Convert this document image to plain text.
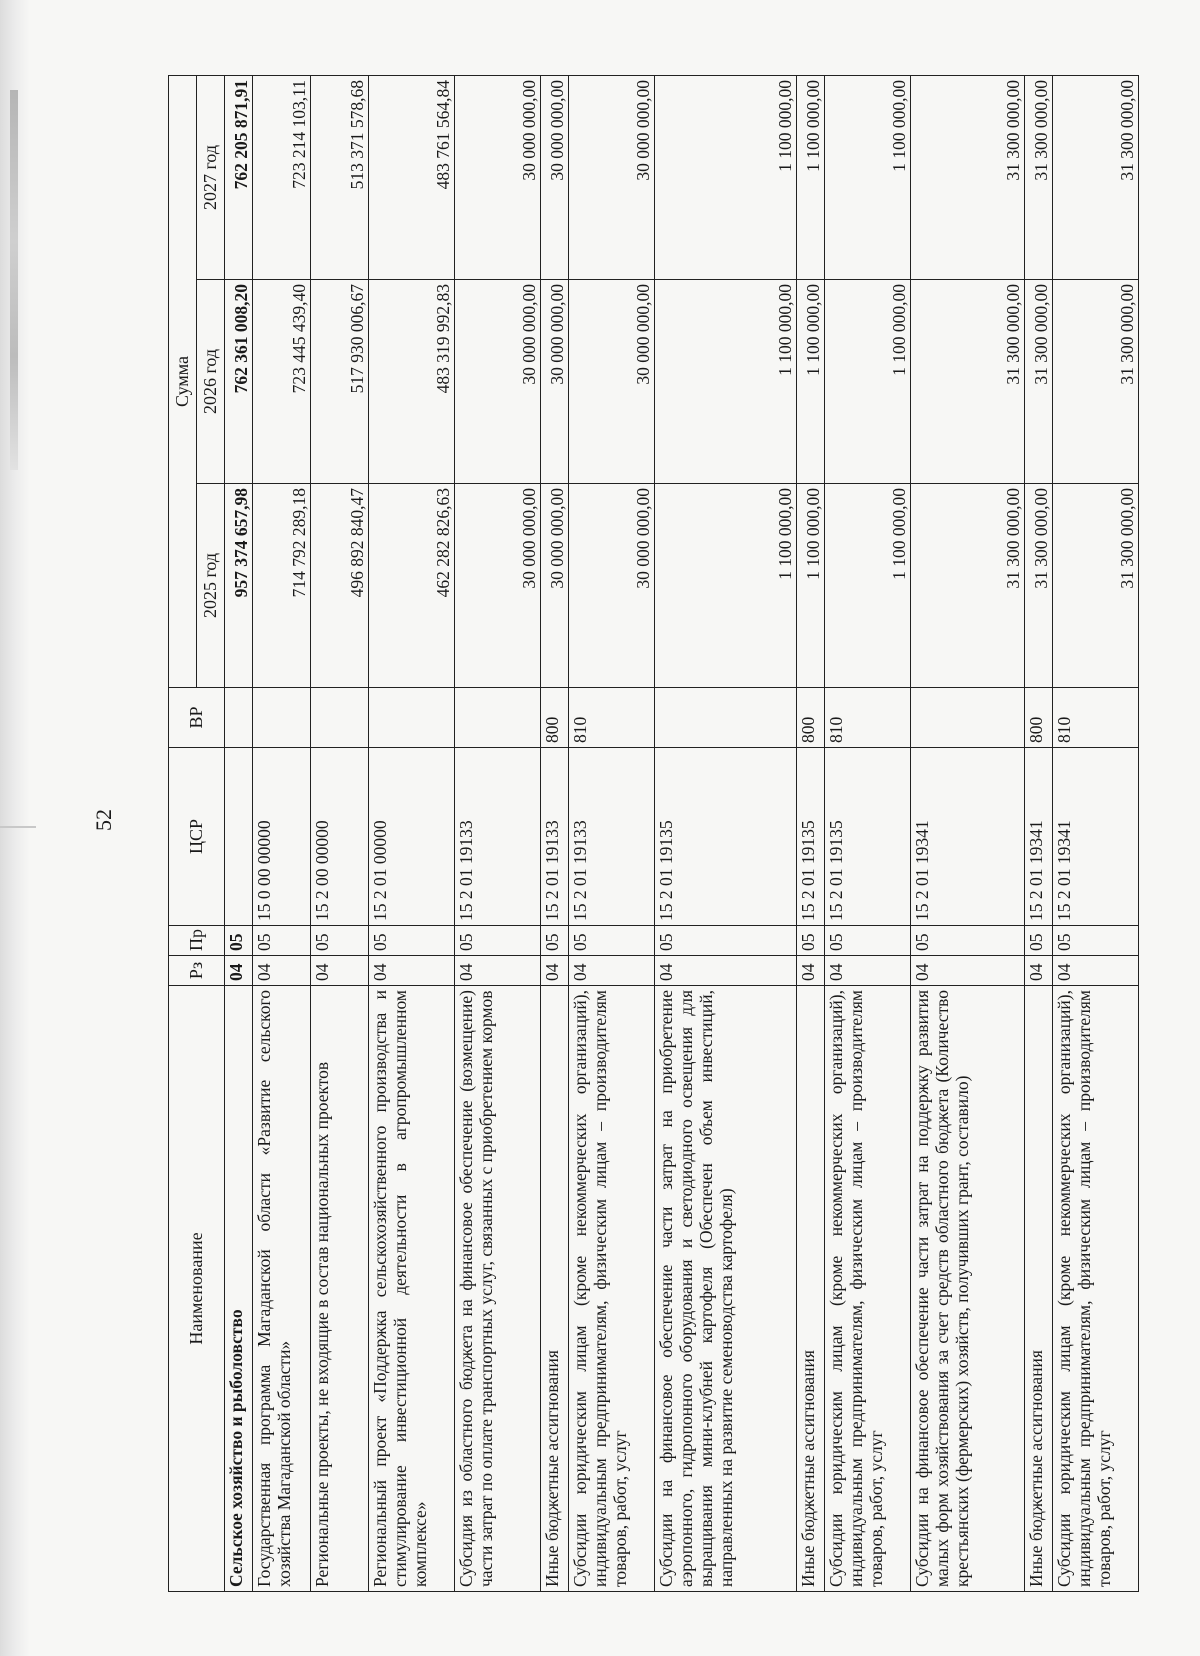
52
Наименование	Рз	Пр	ЦСР	ВР	Сумма		
					2025 год	2026 год	2027 год
Сельское хозяйство и рыболовство	04	05			957 374 657,98	762 361 008,20	762 205 871,91
Государственная программа Магаданской области «Развитие сельского хозяйства Магаданской области»	04	05	15 0 00 00000		714 792 289,18	723 445 439,40	723 214 103,11
Региональные проекты, не входящие в состав национальных проектов	04	05	15 2 00 00000		496 892 840,47	517 930 006,67	513 371 578,68
Региональный проект «Поддержка сельскохозяйственного производства и стимулирование инвестиционной деятельности в агропромышленном комплексе»	04	05	15 2 01 00000		462 282 826,63	483 319 992,83	483 761 564,84
Субсидия из областного бюджета на финансовое обеспечение (возмещение) части затрат по оплате транспортных услуг, связанных с приобретением кормов	04	05	15 2 01 19133		30 000 000,00	30 000 000,00	30 000 000,00
Иные бюджетные ассигнования	04	05	15 2 01 19133	800	30 000 000,00	30 000 000,00	30 000 000,00
Субсидии юридическим лицам (кроме некоммерческих организаций), индивидуальным предпринимателям, физическим лицам – производителям товаров, работ, услуг	04	05	15 2 01 19133	810	30 000 000,00	30 000 000,00	30 000 000,00
Субсидии на финансовое обеспечение части затрат на приобретение аэропонного, гидропонного оборудования и светодиодного освещения для выращивания мини-клубней картофеля (Обеспечен объем инвестиций, направленных на развитие семеноводства картофеля)	04	05	15 2 01 19135		1 100 000,00	1 100 000,00	1 100 000,00
Иные бюджетные ассигнования	04	05	15 2 01 19135	800	1 100 000,00	1 100 000,00	1 100 000,00
Субсидии юридическим лицам (кроме некоммерческих организаций), индивидуальным предпринимателям, физическим лицам – производителям товаров, работ, услуг	04	05	15 2 01 19135	810	1 100 000,00	1 100 000,00	1 100 000,00
Субсидии на финансовое обеспечение части затрат на поддержку развития малых форм хозяйствования за счет средств областного бюджета (Количество крестьянских (фермерских) хозяйств, получивших грант, составило)	04	05	15 2 01 19341		31 300 000,00	31 300 000,00	31 300 000,00
Иные бюджетные ассигнования	04	05	15 2 01 19341	800	31 300 000,00	31 300 000,00	31 300 000,00
Субсидии юридическим лицам (кроме некоммерческих организаций), индивидуальным предпринимателям, физическим лицам – производителям товаров, работ, услуг	04	05	15 2 01 19341	810	31 300 000,00	31 300 000,00	31 300 000,00
